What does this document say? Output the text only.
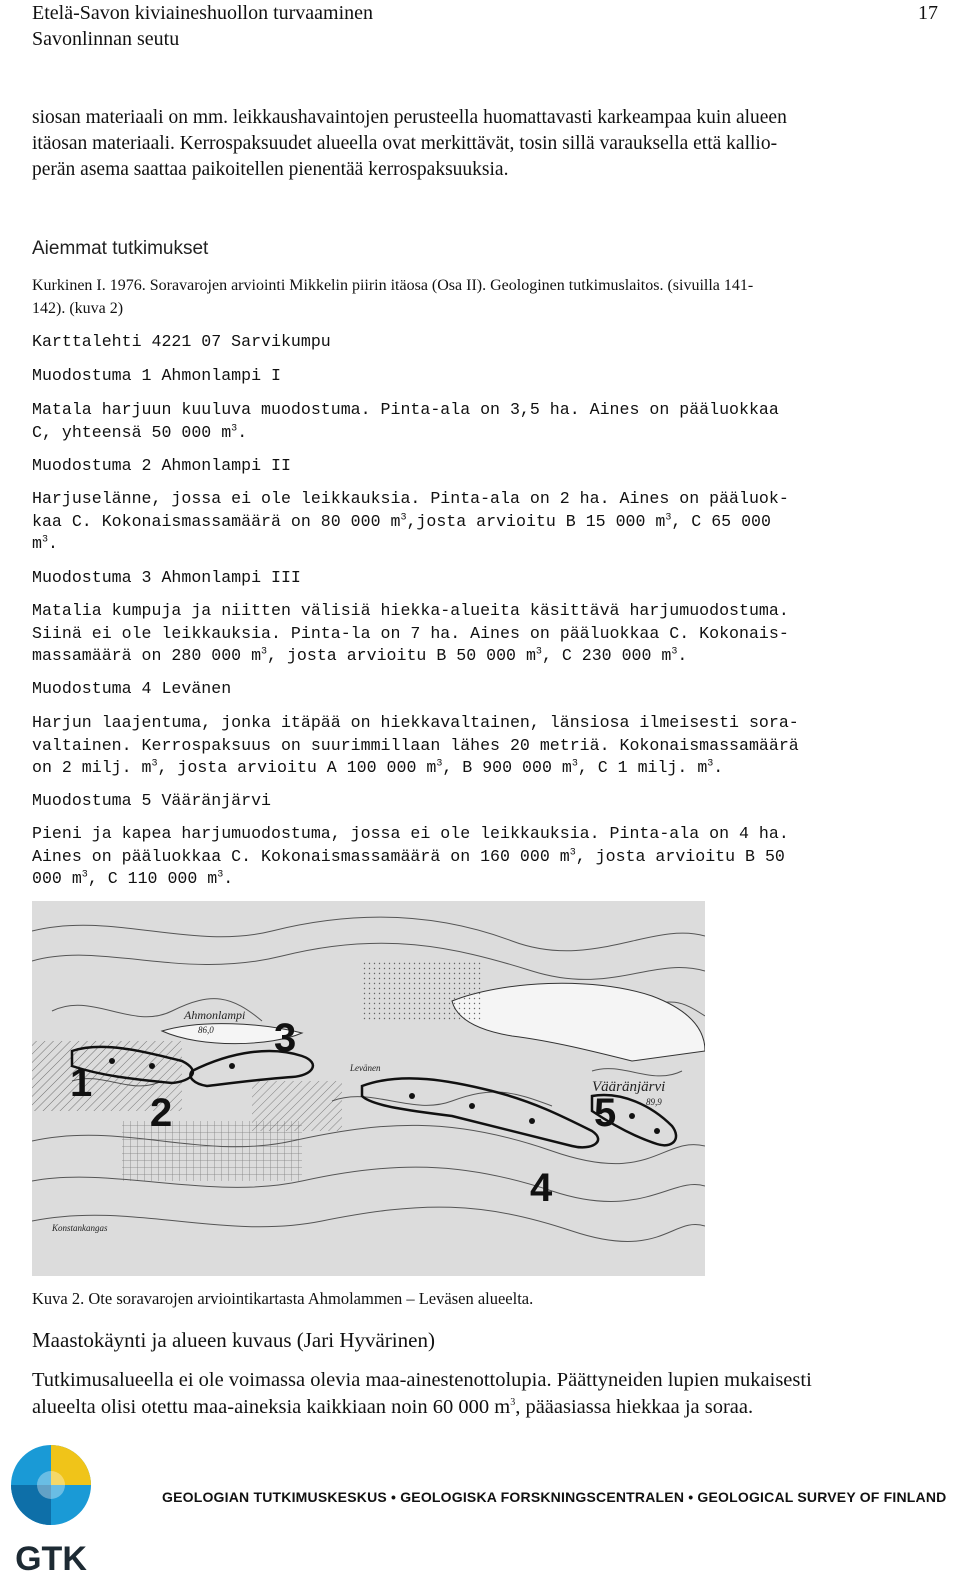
Etelä-Savon kiviaineshuollon turvaaminen
Savonlinnan seutu
17
siosan materiaali on mm. leikkaushavaintojen perusteella huomattavasti karkeampaa kuin alueen
itäosan materiaali. Kerrospaksuudet alueella ovat merkittävät, tosin sillä varauksella että kallio-
perän asema saattaa paikoitellen pienentää kerrospaksuuksia.
Aiemmat tutkimukset
Kurkinen I. 1976. Soravarojen arviointi Mikkelin piirin itäosa (Osa II). Geologinen tutkimuslaitos. (sivuilla 141-
142). (kuva 2)
Karttalehti 4221 07 Sarvikumpu
Muodostuma 1 Ahmonlampi I
Matala harjuun kuuluva muodostuma. Pinta-ala on 3,5 ha. Aines on pääluokkaa
C, yhteensä 50 000 $m^3$.
Muodostuma 2 Ahmonlampi II
Harjuselänne, jossa ei ole leikkauksia. Pinta-ala on 2 ha. Aines on pääluok-
kaa C. Kokonaismassamäärä on 80 000 $m^3,josta$ arvioitu B 15 000 $m^3$, C 65 000
$m^3$.
Muodostuma 3 Ahmonlampi III
Matalia kumpuja ja niitten välisiä hiekka-alueita käsittävä harjumuodostuma.
Siinä ei ole leikkauksia. Pinta-la on 7 ha. Aines on pääluokkaa C. Kokonais-
massamäärä on 280 000 $m^3$, josta arvioitu B 50 000 $m^3$, C 230 000 $m^3$.
Muodostuma 4 Levänen
Harjun laajentuma, jonka itäpää on hiekkavaltainen, länsiosa ilmeisesti sora-
valtainen. Kerrospaksuus on suurimmillaan lähes 20 metriä. Kokonaismassamäärä
on 2 milj. $m^3$, josta arvioitu A 100 000 $m^3$, B 900 000 $m^3$, C 1 milj. $m^3$.
Muodostuma 5 Vääränjärvi
Pieni ja kapea harjumuodostuma, jossa ei ole leikkauksia. Pinta-ala on 4 ha.
Aines on pääluokkaa C. Kokonaismassamäärä on 160 000 $m^3$, josta arvioitu B 50
000 $m^3$, C 110 000 $m^3$.
1
2
3
4
5
Ahmonlampi
86,0
Vääränjärvi
89,9
Levänen
Konstankangas
Kuva 2. Ote soravarojen arviointikartasta Ahmolammen – Leväsen alueelta.
Maastokäynti ja alueen kuvaus (Jari Hyvärinen)
Tutkimusalueella ei ole voimassa olevia maa-ainestenottolupia. Päättyneiden lupien mukaisesti
alueelta olisi otettu maa-aineksia kaikkiaan noin 60 000 $m^3$, pääasiassa hiekkaa ja soraa.
GTK
GEOLOGIAN TUTKIMUSKESKUS • GEOLOGISKA FORSKNINGSCENTRALEN • GEOLOGICAL SURVEY OF FINLAND
